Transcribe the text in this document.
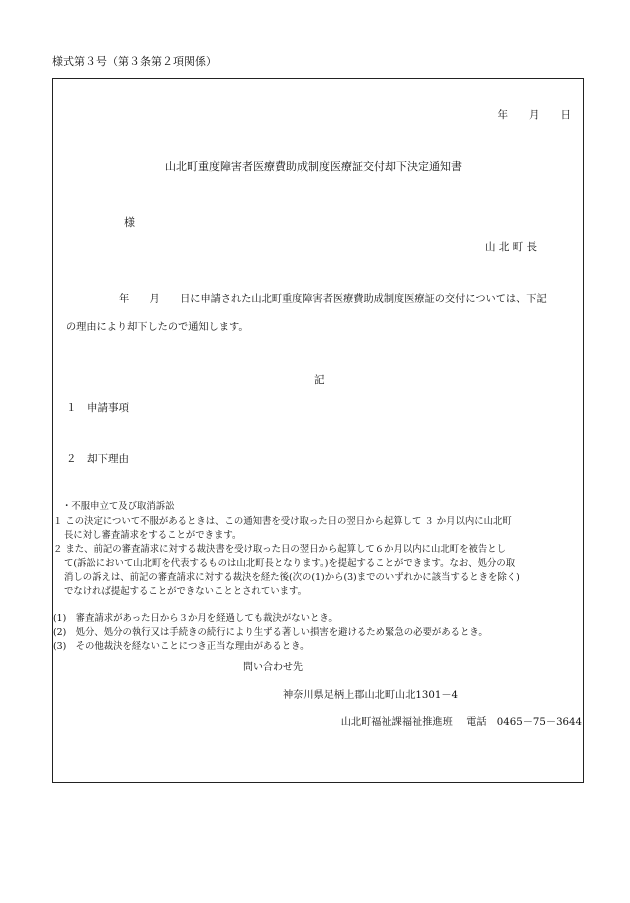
様式第３号（第３条第２項関係）
年　　月　　日
山北町重度障害者医療費助成制度医療証交付却下決定通知書
様
山 北 町 長
年　　月　　日に申請された山北町重度障害者医療費助成制度医療証の交付については、下記
の理由により却下したので通知します。
記
１　申請事項
２　却下理由
・不服申立て及び取消訴訟
１ この決定について不服があるときは、この通知書を受け取った日の翌日から起算して ３ か月以内に山北町
長に対し審査請求をすることができます。
２ また、前記の審査請求に対する裁決書を受け取った日の翌日から起算して６か月以内に山北町を被告とし
て(訴訟において山北町を代表するものは山北町長となります。)を提起することができます。なお、処分の取
消しの訴えは、前記の審査請求に対する裁決を経た後(次の(1)から(3)までのいずれかに該当するときを除く)
でなければ提起することができないこととされています。
(1)　審査請求があった日から３か月を経過しても裁決がないとき。
(2)　処分、処分の執行又は手続きの続行により生ずる著しい損害を避けるため緊急の必要があるとき。
(3)　その他裁決を経ないことにつき正当な理由があるとき。
問い合わせ先
神奈川県足柄上郡山北町山北1301－4
山北町福祉課福祉推進班　 電話　0465－75－3644
